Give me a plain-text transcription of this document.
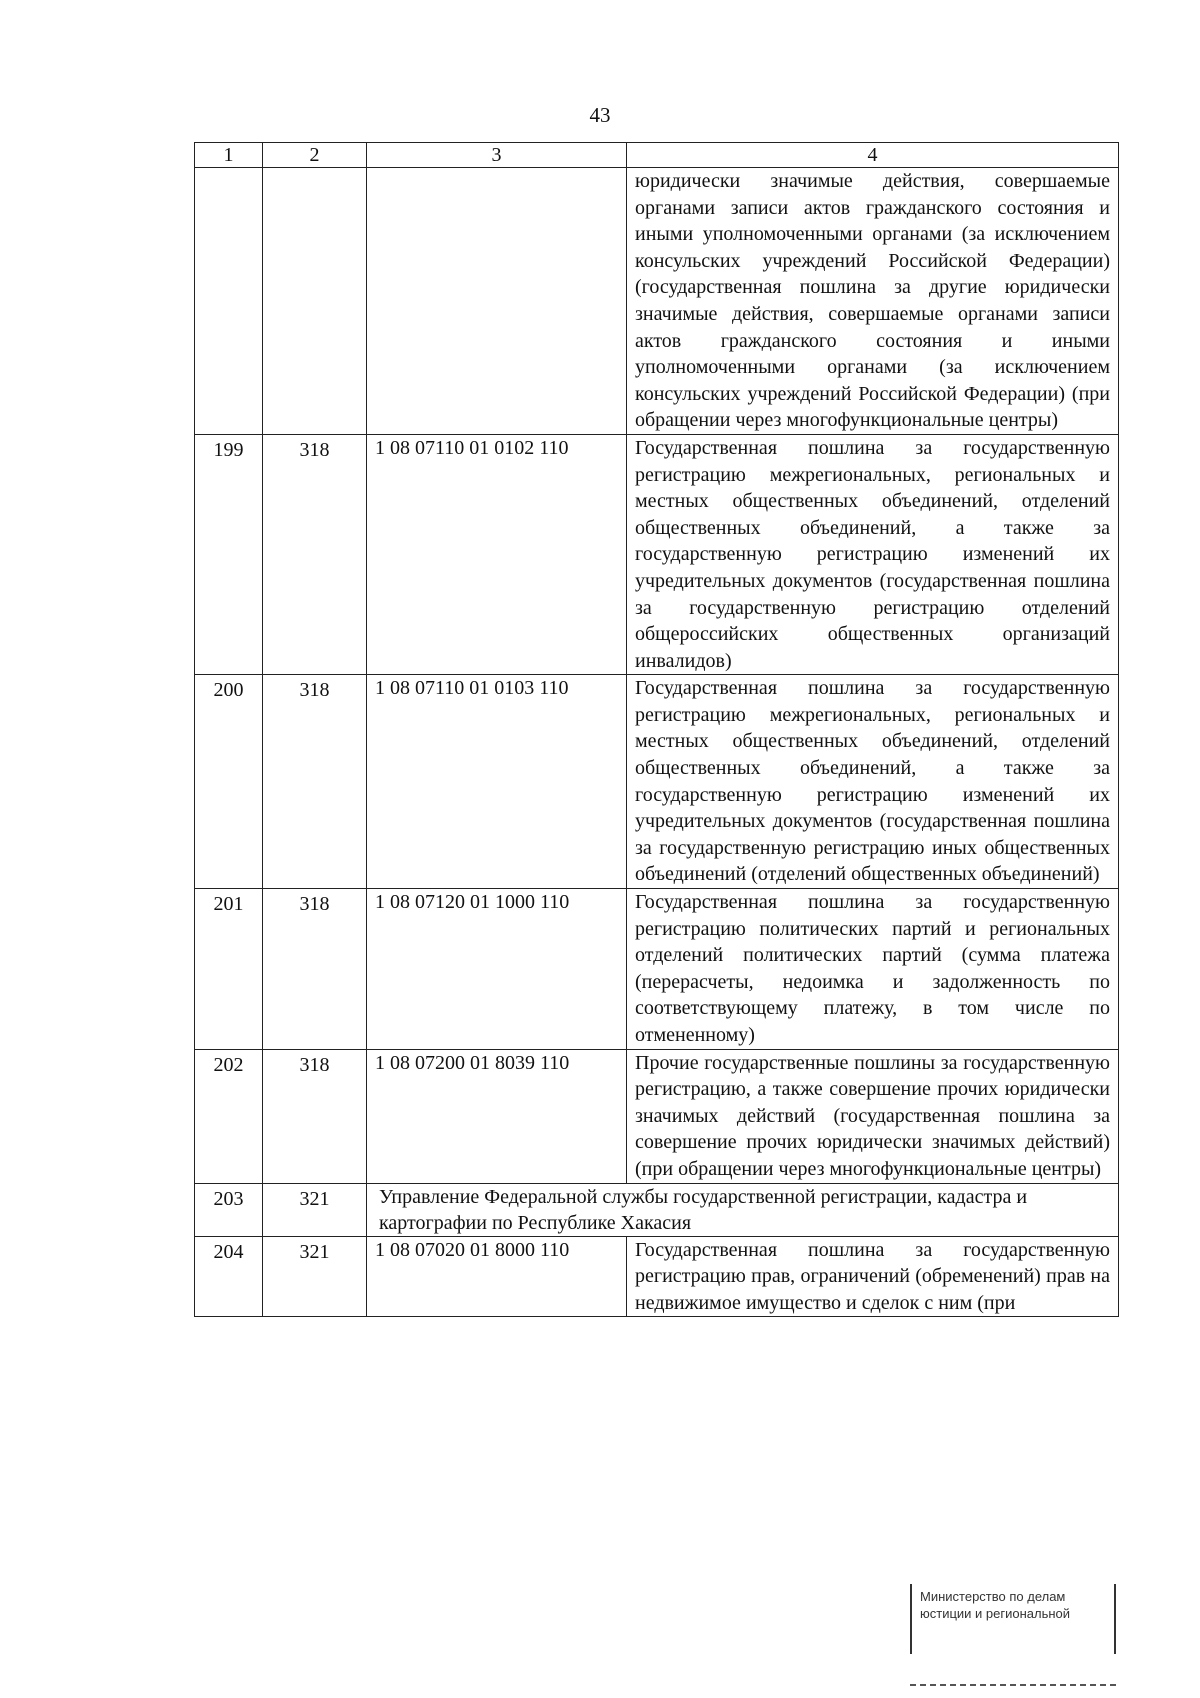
43
1	2	3	4
			юридически значимые действия, совершаемые органами записи актов гражданского состояния и иными уполномоченными органами (за исключением консульских учреждений Российской Федерации) (государственная пошлина за другие юридически значимые действия, совершаемые органами записи актов гражданского состояния и иными уполномоченными органами (за исключением консульских учреждений Российской Федерации) (при обращении через многофункциональные центры)
199	318	1 08 07110 01 0102 110	Государственная пошлина за государственную регистрацию межрегиональных, региональных и местных общественных объединений, отделений общественных объединений, а также за государственную регистрацию изменений их учредительных документов (государственная пошлина за государственную регистрацию отделений общероссийских общественных организаций инвалидов)
200	318	1 08 07110 01 0103 110	Государственная пошлина за государственную регистрацию межрегиональных, региональных и местных общественных объединений, отделений общественных объединений, а также за государственную регистрацию изменений их учредительных документов (государственная пошлина за государственную регистрацию иных общественных объединений (отделений общественных объединений)
201	318	1 08 07120 01 1000 110	Государственная пошлина за государственную регистрацию политических партий и региональных отделений политических партий (сумма платежа (перерасчеты, недоимка и задолженность по соответствующему платежу, в том числе по отмененному)
202	318	1 08 07200 01 8039 110	Прочие государственные пошлины за государственную регистрацию, а также совершение прочих юридически значимых действий (государственная пошлина за совершение прочих юридически значимых действий) (при обращении через многофункциональные центры)
203	321	Управление Федеральной службы государственной регистрации, кадастра и картографии по Республике Хакасия	
204	321	1 08 07020 01 8000 110	Государственная пошлина за государственную регистрацию прав, ограничений (обременений) прав на недвижимое имущество и сделок с ним (при
Министерство по делам
юстиции и региональной
